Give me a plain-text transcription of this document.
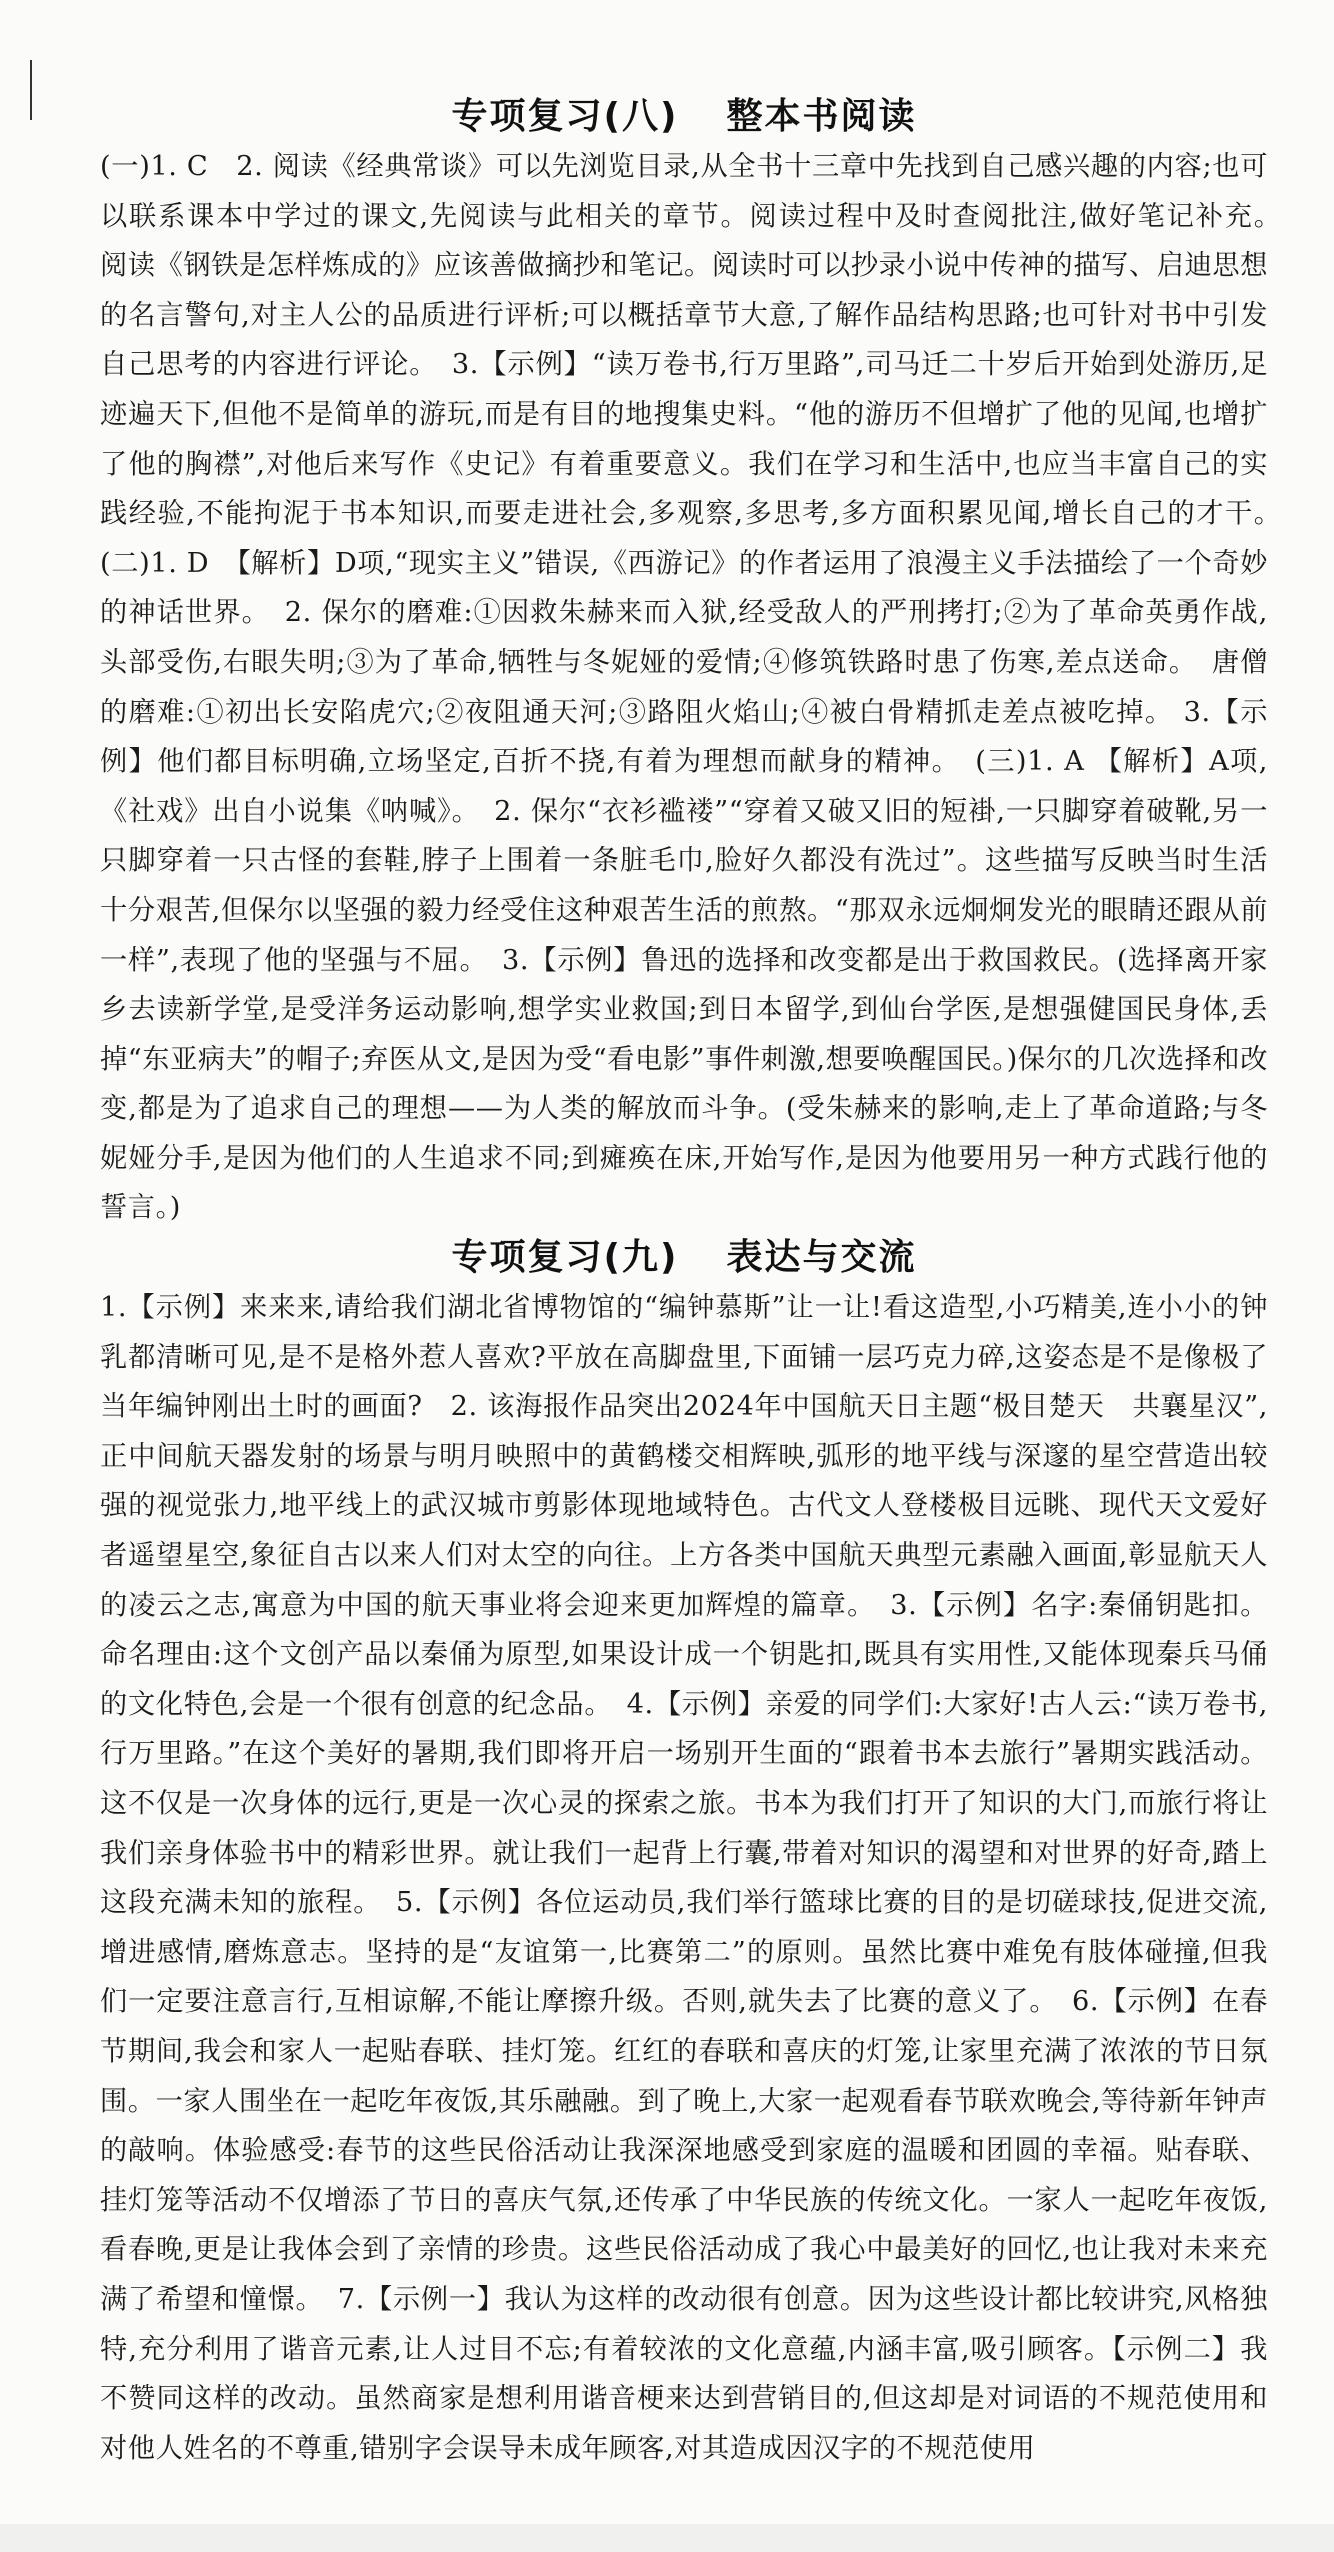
专项复习(八) 整本书阅读

(一)1. C　2. 阅读《经典常谈》可以先浏览目录,从全书十三章中先找到自己感兴趣的内容;也可以联系课本中学过的课文,先阅读与此相关的章节。阅读过程中及时查阅批注,做好笔记补充。　阅读《钢铁是怎样炼成的》应该善做摘抄和笔记。阅读时可以抄录小说中传神的描写、启迪思想的名言警句,对主人公的品质进行评析;可以概括章节大意,了解作品结构思路;也可针对书中引发自己思考的内容进行评论。　3.【示例】“读万卷书,行万里路”,司马迁二十岁后开始到处游历,足迹遍天下,但他不是简单的游玩,而是有目的地搜集史料。“他的游历不但增扩了他的见闻,也增扩了他的胸襟”,对他后来写作《史记》有着重要意义。我们在学习和生活中,也应当丰富自己的实践经验,不能拘泥于书本知识,而要走进社会,多观察,多思考,多方面积累见闻,增长自己的才干。　(二)1. D　【解析】D项,“现实主义”错误,《西游记》的作者运用了浪漫主义手法描绘了一个奇妙的神话世界。　2. 保尔的磨难:①因救朱赫来而入狱,经受敌人的严刑拷打;②为了革命英勇作战,头部受伤,右眼失明;③为了革命,牺牲与冬妮娅的爱情;④修筑铁路时患了伤寒,差点送命。　唐僧的磨难:①初出长安陷虎穴;②夜阻通天河;③路阻火焰山;④被白骨精抓走差点被吃掉。 3.【示例】他们都目标明确,立场坚定,百折不挠,有着为理想而献身的精神。　(三)1. A 【解析】A项,《社戏》出自小说集《呐喊》。　2. 保尔“衣衫褴褛”“穿着又破又旧的短褂,一只脚穿着破靴,另一只脚穿着一只古怪的套鞋,脖子上围着一条脏毛巾,脸好久都没有洗过”。这些描写反映当时生活十分艰苦,但保尔以坚强的毅力经受住这种艰苦生活的煎熬。“那双永远炯炯发光的眼睛还跟从前一样”,表现了他的坚强与不屈。　3.【示例】鲁迅的选择和改变都是出于救国救民。(选择离开家乡去读新学堂,是受洋务运动影响,想学实业救国;到日本留学,到仙台学医,是想强健国民身体,丢掉“东亚病夫”的帽子;弃医从文,是因为受“看电影”事件刺激,想要唤醒国民。)保尔的几次选择和改变,都是为了追求自己的理想——为人类的解放而斗争。(受朱赫来的影响,走上了革命道路;与冬妮娅分手,是因为他们的人生追求不同;到瘫痪在床,开始写作,是因为他要用另一种方式践行他的誓言。)

专项复习(九) 表达与交流

1.【示例】来来来,请给我们湖北省博物馆的“编钟慕斯”让一让!看这造型,小巧精美,连小小的钟乳都清晰可见,是不是格外惹人喜欢?平放在高脚盘里,下面铺一层巧克力碎,这姿态是不是像极了当年编钟刚出土时的画面?　2. 该海报作品突出2024年中国航天日主题“极目楚天　共襄星汉”,正中间航天器发射的场景与明月映照中的黄鹤楼交相辉映,弧形的地平线与深邃的星空营造出较强的视觉张力,地平线上的武汉城市剪影体现地域特色。古代文人登楼极目远眺、现代天文爱好者遥望星空,象征自古以来人们对太空的向往。上方各类中国航天典型元素融入画面,彰显航天人的凌云之志,寓意为中国的航天事业将会迎来更加辉煌的篇章。　3.【示例】名字:秦俑钥匙扣。命名理由:这个文创产品以秦俑为原型,如果设计成一个钥匙扣,既具有实用性,又能体现秦兵马俑的文化特色,会是一个很有创意的纪念品。　4.【示例】亲爱的同学们:大家好!古人云:“读万卷书,行万里路。”在这个美好的暑期,我们即将开启一场别开生面的“跟着书本去旅行”暑期实践活动。这不仅是一次身体的远行,更是一次心灵的探索之旅。书本为我们打开了知识的大门,而旅行将让我们亲身体验书中的精彩世界。就让我们一起背上行囊,带着对知识的渴望和对世界的好奇,踏上这段充满未知的旅程。　5.【示例】各位运动员,我们举行篮球比赛的目的是切磋球技,促进交流,增进感情,磨炼意志。坚持的是“友谊第一,比赛第二”的原则。虽然比赛中难免有肢体碰撞,但我们一定要注意言行,互相谅解,不能让摩擦升级。否则,就失去了比赛的意义了。　6.【示例】在春节期间,我会和家人一起贴春联、挂灯笼。红红的春联和喜庆的灯笼,让家里充满了浓浓的节日氛围。一家人围坐在一起吃年夜饭,其乐融融。到了晚上,大家一起观看春节联欢晚会,等待新年钟声的敲响。体验感受:春节的这些民俗活动让我深深地感受到家庭的温暖和团圆的幸福。贴春联、挂灯笼等活动不仅增添了节日的喜庆气氛,还传承了中华民族的传统文化。一家人一起吃年夜饭,看春晚,更是让我体会到了亲情的珍贵。这些民俗活动成了我心中最美好的回忆,也让我对未来充满了希望和憧憬。　7.【示例一】我认为这样的改动很有创意。因为这些设计都比较讲究,风格独特,充分利用了谐音元素,让人过目不忘;有着较浓的文化意蕴,内涵丰富,吸引顾客。【示例二】我不赞同这样的改动。虽然商家是想利用谐音梗来达到营销目的,但这却是对词语的不规范使用和对他人姓名的不尊重,错别字会误导未成年顾客,对其造成因汉字的不规范使用
